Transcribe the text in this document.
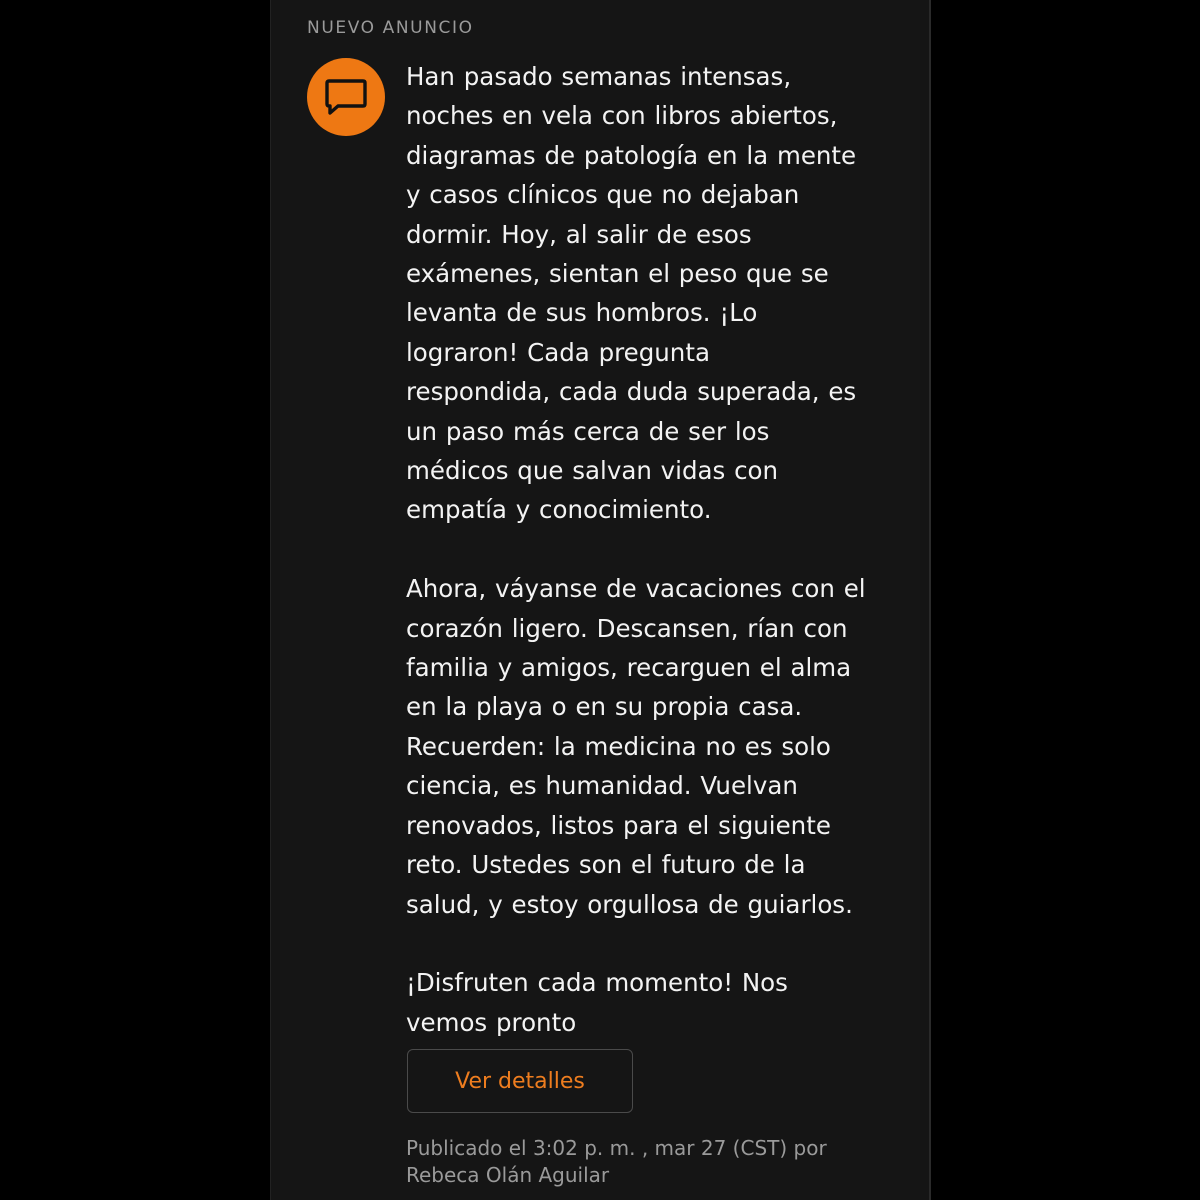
NUEVO ANUNCIO

Han pasado semanas intensas,
noches en vela con libros abiertos,
diagramas de patología en la mente
y casos clínicos que no dejaban
dormir. Hoy, al salir de esos
exámenes, sientan el peso que se
levanta de sus hombros. ¡Lo
lograron! Cada pregunta
respondida, cada duda superada, es
un paso más cerca de ser los
médicos que salvan vidas con
empatía y conocimiento.

Ahora, váyanse de vacaciones con el
corazón ligero. Descansen, rían con
familia y amigos, recarguen el alma
en la playa o en su propia casa.
Recuerden: la medicina no es solo
ciencia, es humanidad. Vuelvan
renovados, listos para el siguiente
reto. Ustedes son el futuro de la
salud, y estoy orgullosa de guiarlos.

¡Disfruten cada momento! Nos
vemos pronto

Ver detalles
Publicado el 3:02 p. m. , mar 27 (CST) por
Rebeca Olán Aguilar
